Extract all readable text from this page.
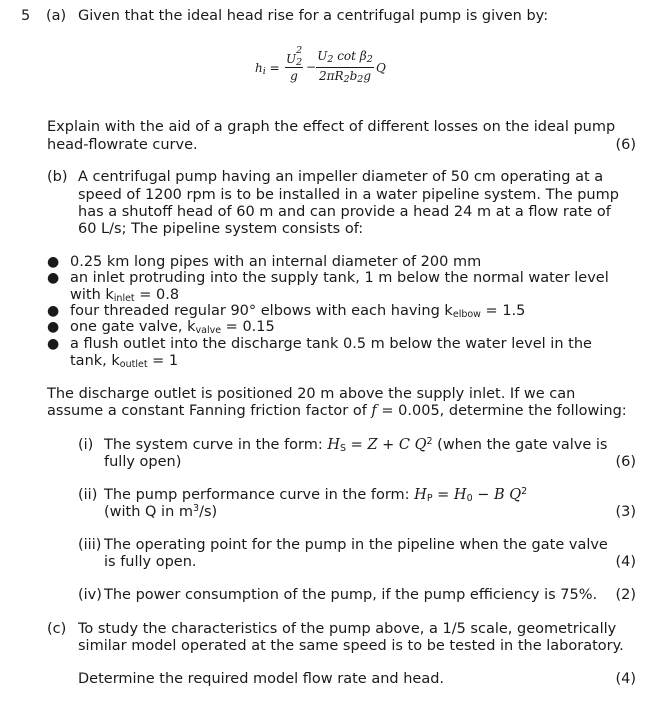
5 (a) Given that the ideal head rise for a centrifugal pump is given by:
$h_i$ =
U
2
2
g
−
$U_2$ $\cot \beta_2$
$2\pi R_2b_2g$
Q
Explain with the aid of a graph the effect of different losses on the ideal pump
head-flowrate curve.	(6)
(b) A centrifugal pump having an impeller diameter of 50 cm operating at a
speed of 1200 rpm is to be installed in a water pipeline system. The pump
has a shutoff head of 60 m and can provide a head 24 m at a flow rate of
60 L/s; The pipeline system consists of:
● 0.25 km long pipes with an internal diameter of 200 mm
● an inlet protruding into the supply tank, 1 m below the normal water level
with $k_{inlet} = 0.8$
● four threaded regular 90° elbows with each having $k_{elbow} = 1.5$
● one gate valve, $k_{valve} = 0.15$
● a flush outlet into the discharge tank 0.5 m below the water level in the
tank, $k_{outlet} = 1$
The discharge outlet is positioned 20 m above the supply inlet. If we can
assume a constant Fanning friction factor of f = 0.005, determine the following:
(i) The system curve in the form: $H_S = Z + C$ $Q^2$ (when the gate valve is
fully open)	(6)
(ii) The pump performance curve in the form: $H_P = H_0 - B$ $Q^2$
(with Q in $m^3/s$)	(3)
(iii) The operating point for the pump in the pipeline when the gate valve
is fully open.	(4)
(iv) The power consumption of the pump, if the pump efficiency is 75%.	(2)
(c) To study the characteristics of the pump above, a 1/5 scale, geometrically
similar model operated at the same speed is to be tested in the laboratory.
Determine the required model flow rate and head.	(4)
